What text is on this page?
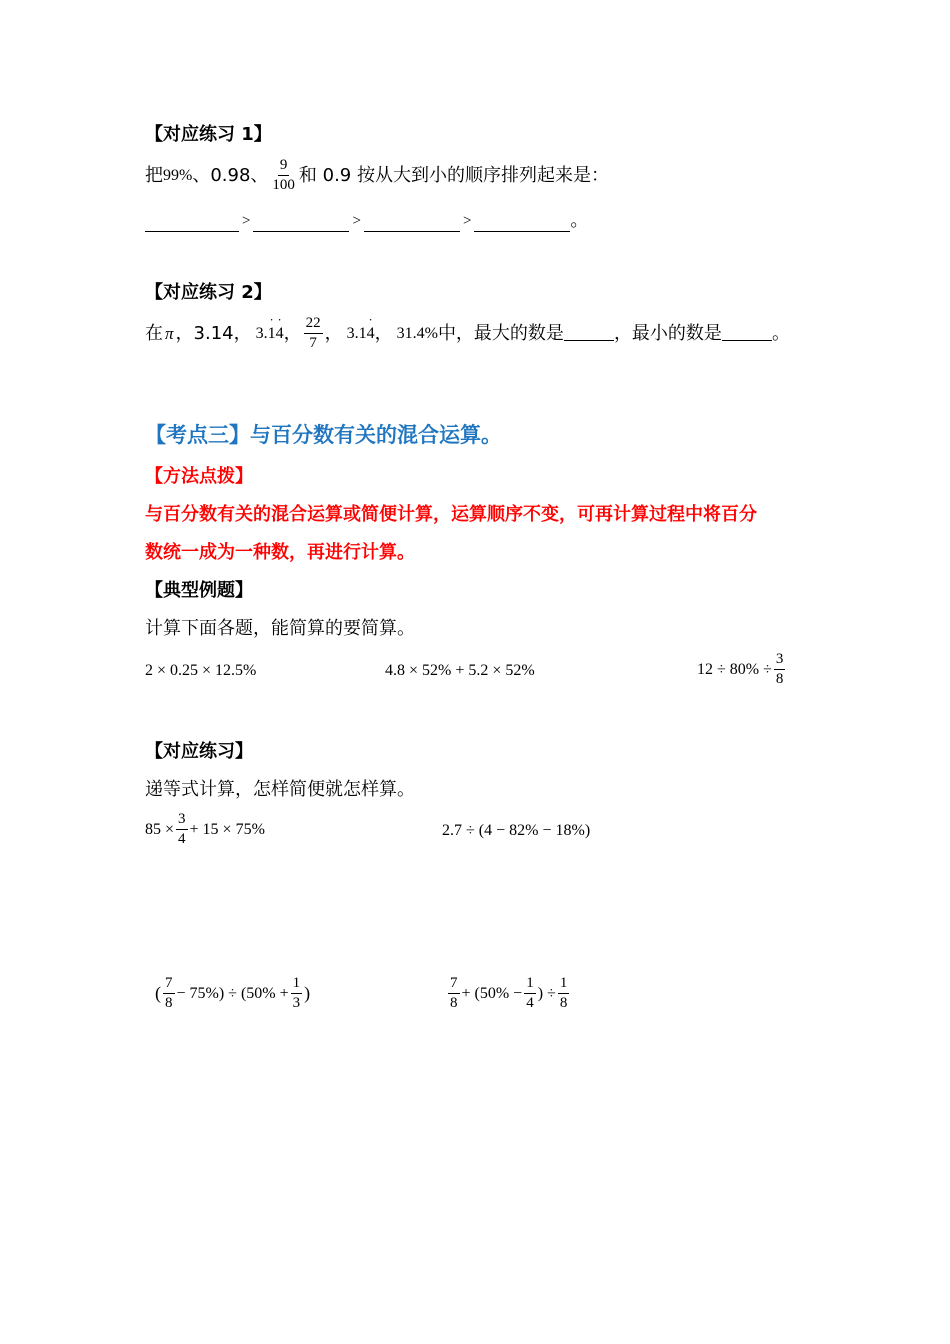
【对应练习 1】
把 99% 、0.98、 $\frac{9}{100}$ 和 0.9 按从大到小的顺序排列起来是：
>	>	>	。
【对应练习 2】
在 π ， 3.14， 3.˙ 1˙ 4 ， $\frac{22}{7}$ ， 3.1˙ 4 ， 31.4% 中，最大的数是	，最小的数是	。
【考点三】与百分数有关的混合运算。
【方法点拨】
与百分数有关的混合运算或简便计算，运算顺序不变，可再计算过程中将百分
数统一成为一种数，再进行计算。
【典型例题】
计算下面各题，能简算的要简算。
2 × 0.25 × 12.5%	4.8 × 52% + 5.2 × 52%	$12 \div 80\% \div \frac{3}{8}$
【对应练习】
递等式计算，怎样简便就怎样算。
$85 \times \frac{3}{4} + 15 \times 75\%$	2.7 ÷ (4 − 82% − 18%)
( $\frac{7}{8} - 75\%) \div (50\% + \frac{1}{3}$ )	$\frac{7}{8} + (50\% - \frac{1}{4}$ ) ÷ $\frac{1}{8}$
